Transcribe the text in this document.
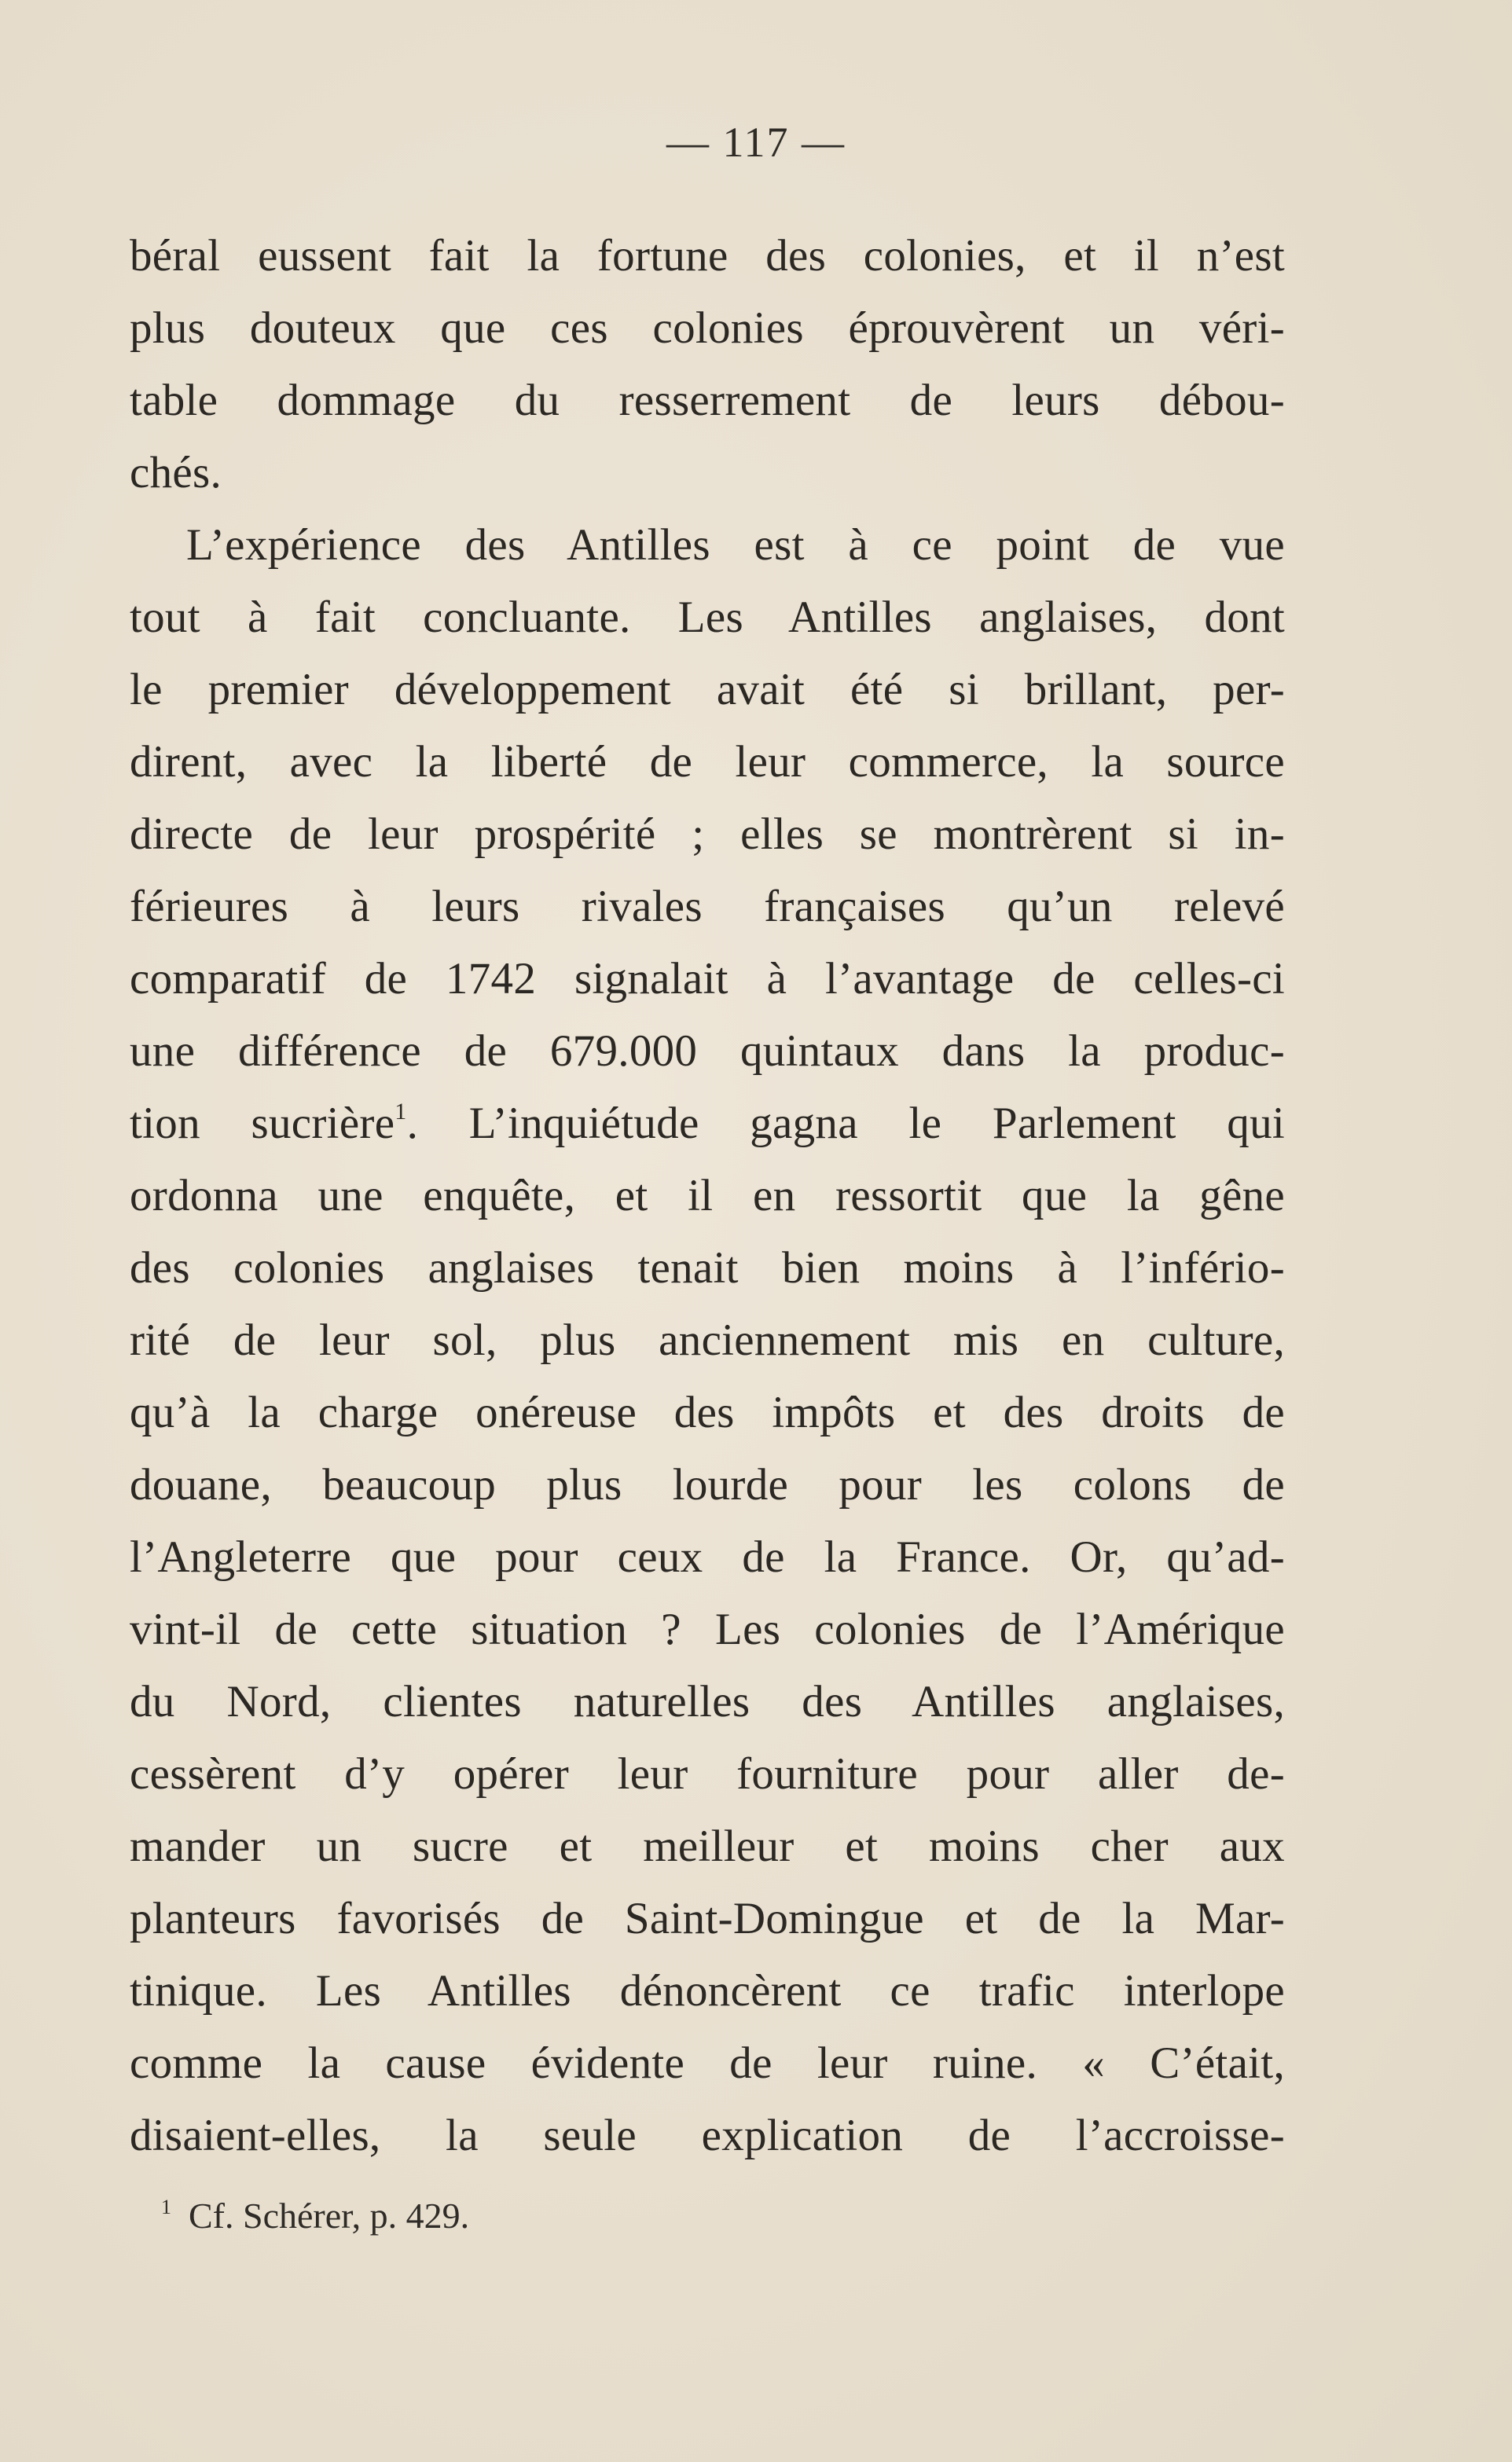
— 117 —
béral eussent fait la fortune des colonies, et il n’est
plus douteux que ces colonies éprouvèrent un véri-
table dommage du resserrement de leurs débou-
chés.
L’expérience des Antilles est à ce point de vue
tout à fait concluante. Les Antilles anglaises, dont
le premier développement avait été si brillant, per-
dirent, avec la liberté de leur commerce, la source
directe de leur prospérité ; elles se montrèrent si in-
férieures à leurs rivales françaises qu’un relevé
comparatif de 1742 signalait à l’avantage de celles-ci
une différence de 679.000 quintaux dans la produc-
tion sucrière$^1$. L’inquiétude gagna le Parlement qui
ordonna une enquête, et il en ressortit que la gêne
des colonies anglaises tenait bien moins à l’infério-
rité de leur sol, plus anciennement mis en culture,
qu’à la charge onéreuse des impôts et des droits de
douane, beaucoup plus lourde pour les colons de
l’Angleterre que pour ceux de la France. Or, qu’ad-
vint-il de cette situation ? Les colonies de l’Amérique
du Nord, clientes naturelles des Antilles anglaises,
cessèrent d’y opérer leur fourniture pour aller de-
mander un sucre et meilleur et moins cher aux
planteurs favorisés de Saint-Domingue et de la Mar-
tinique. Les Antilles dénoncèrent ce trafic interlope
comme la cause évidente de leur ruine. « C’était,
disaient-elles, la seule explication de l’accroisse-
$^1$ Cf. Schérer, p. 429.
